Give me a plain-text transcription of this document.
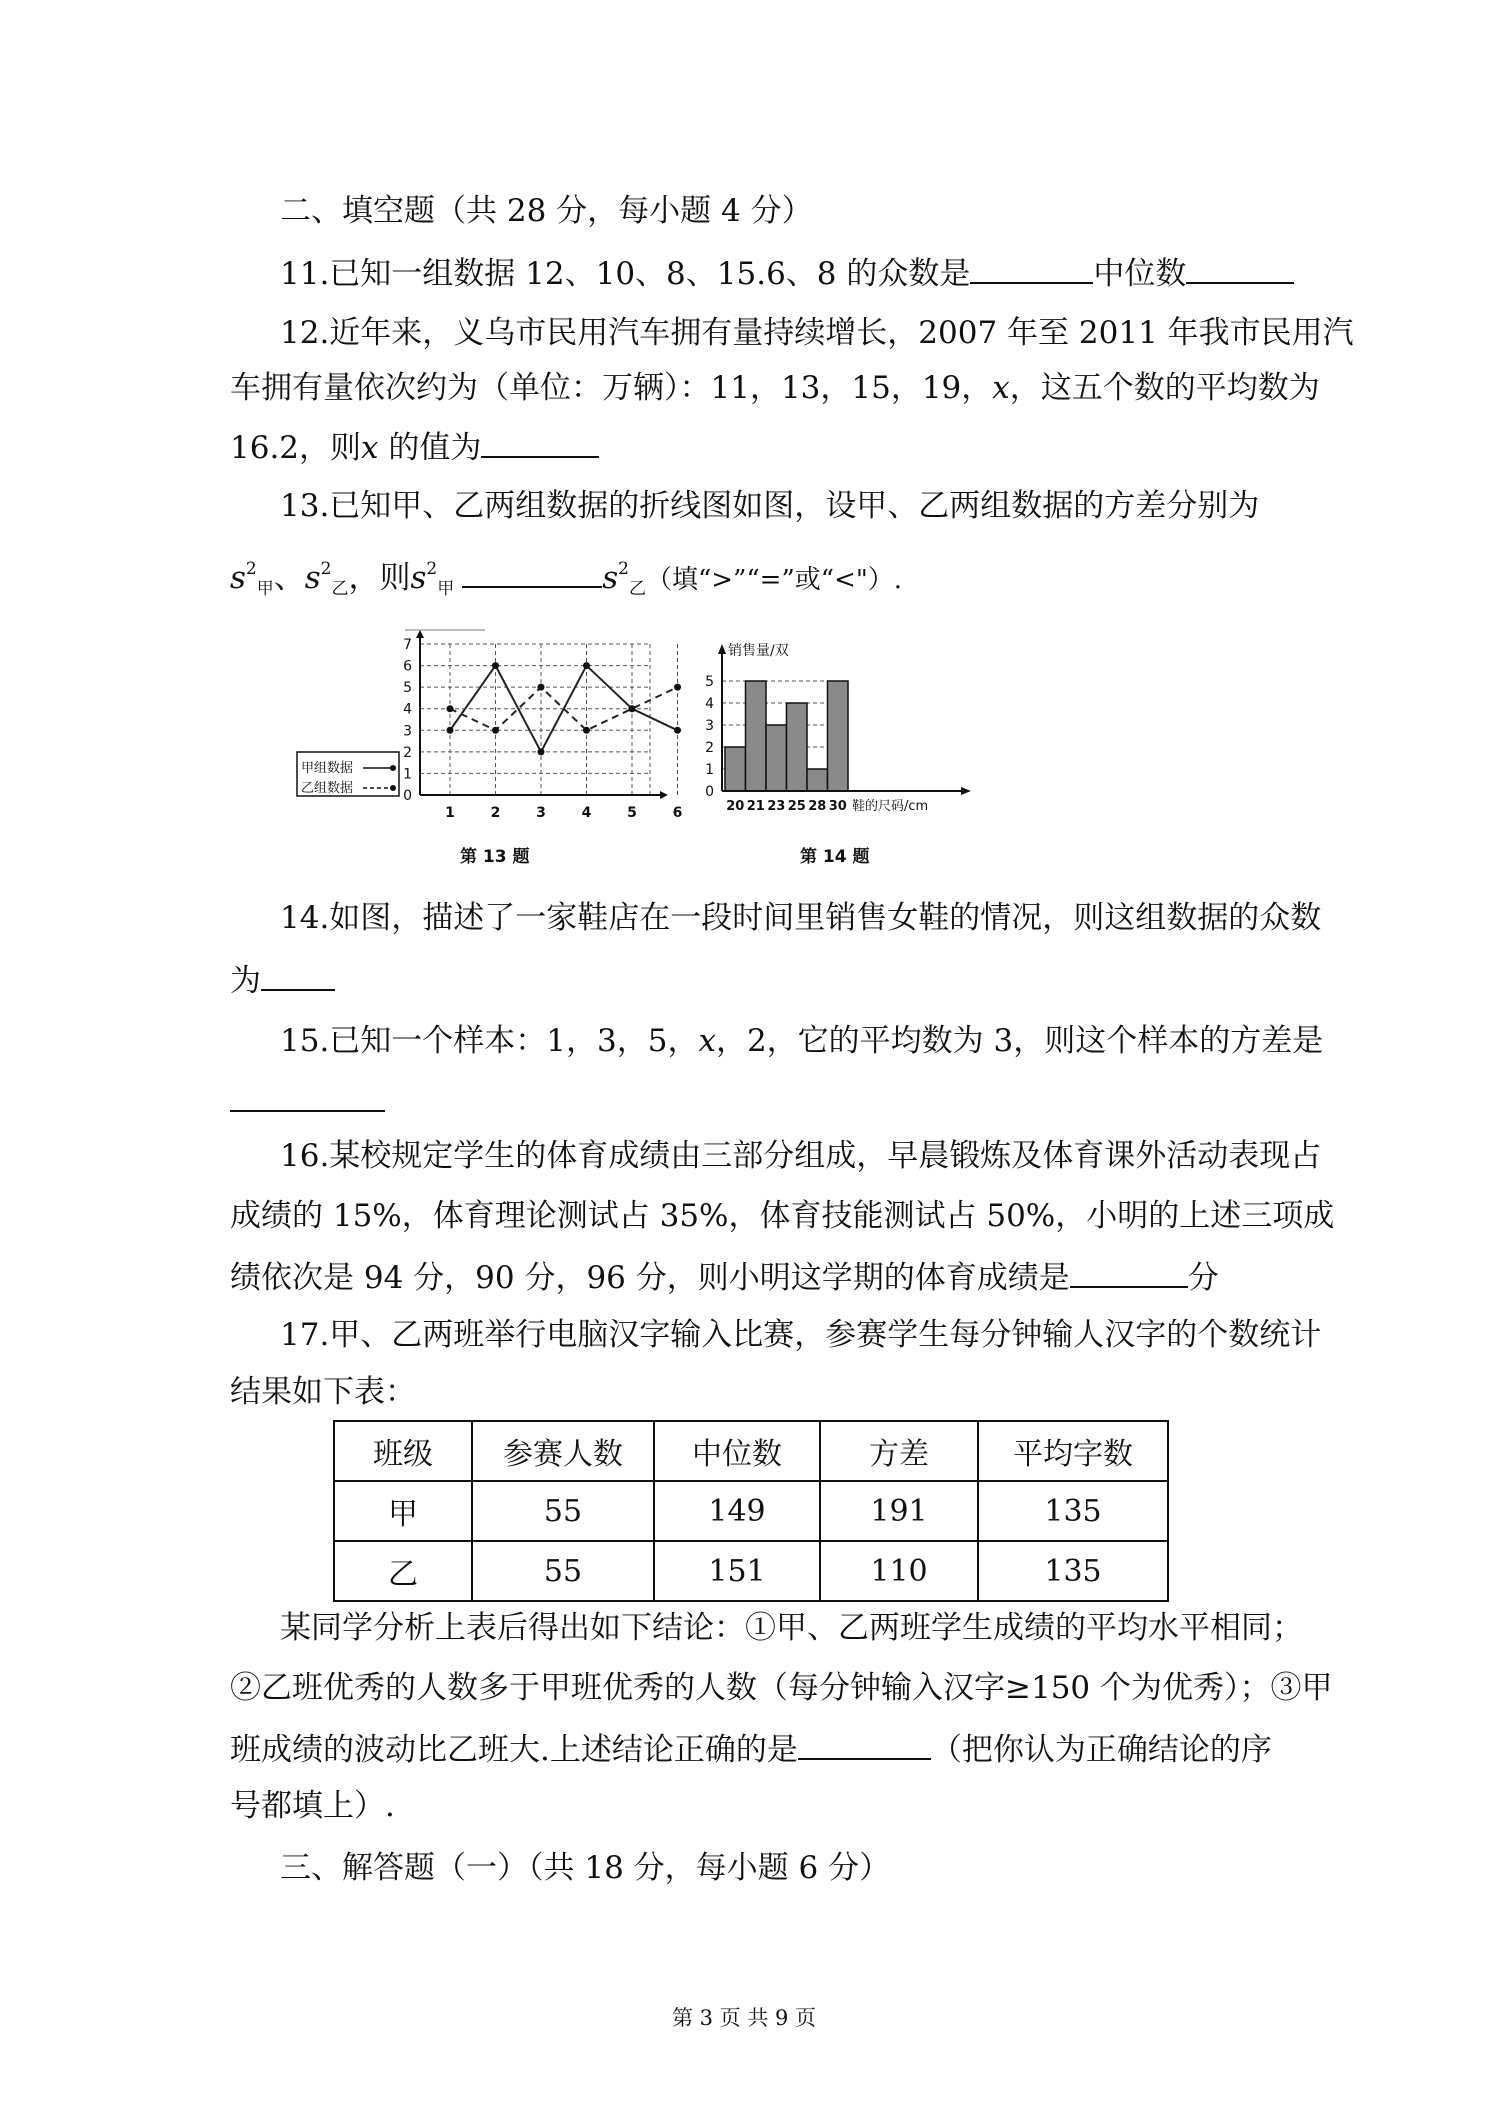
二、填空题（共 28 分，每小题 4 分）
11.已知一组数据 12、10、8、15.6、8 的众数是	中位数
12.近年来，义乌市民用汽车拥有量持续增长，2007 年至 2011 年我市民用汽
车拥有量依次约为（单位：万辆）：11，13，15，19，x，这五个数的平均数为
16.2，则x 的值为
13.已知甲、乙两组数据的折线图如图，设甲、乙两组数据的方差分别为
$s^2_甲$、$s^2_乙$，则$s^2_甲$	$s^2_乙$（填“>”“=”或“<"）.
0
1
2
3
4
5
6
7
1	2	3	4	5	6
甲组数据
乙组数据
第 13 题
销售量/双
0
1
2
3
4
5
20 21 23 25 28 30 鞋的尺码/cm
第 14 题
14.如图，描述了一家鞋店在一段时间里销售女鞋的情况，则这组数据的众数
为
15.已知一个样本：1，3，5，x，2，它的平均数为 3，则这个样本的方差是
16.某校规定学生的体育成绩由三部分组成，早晨锻炼及体育课外活动表现占
成绩的 15%，体育理论测试占 35%，体育技能测试占 50%，小明的上述三项成
绩依次是 94 分，90 分，96 分，则小明这学期的体育成绩是	分
17.甲、乙两班举行电脑汉字输入比赛，参赛学生每分钟输人汉字的个数统计
结果如下表：
班级	参赛人数	中位数	方差	平均字数
甲	55	149	191	135
乙	55	151	110	135
某同学分析上表后得出如下结论：①甲、乙两班学生成绩的平均水平相同；
②乙班优秀的人数多于甲班优秀的人数（每分钟输入汉字≥150 个为优秀）；③甲
班成绩的波动比乙班大.上述结论正确的是	（把你认为正确结论的序
号都填上）.
三、解答题（一）（共 18 分，每小题 6 分）
第 3 页 共 9 页
